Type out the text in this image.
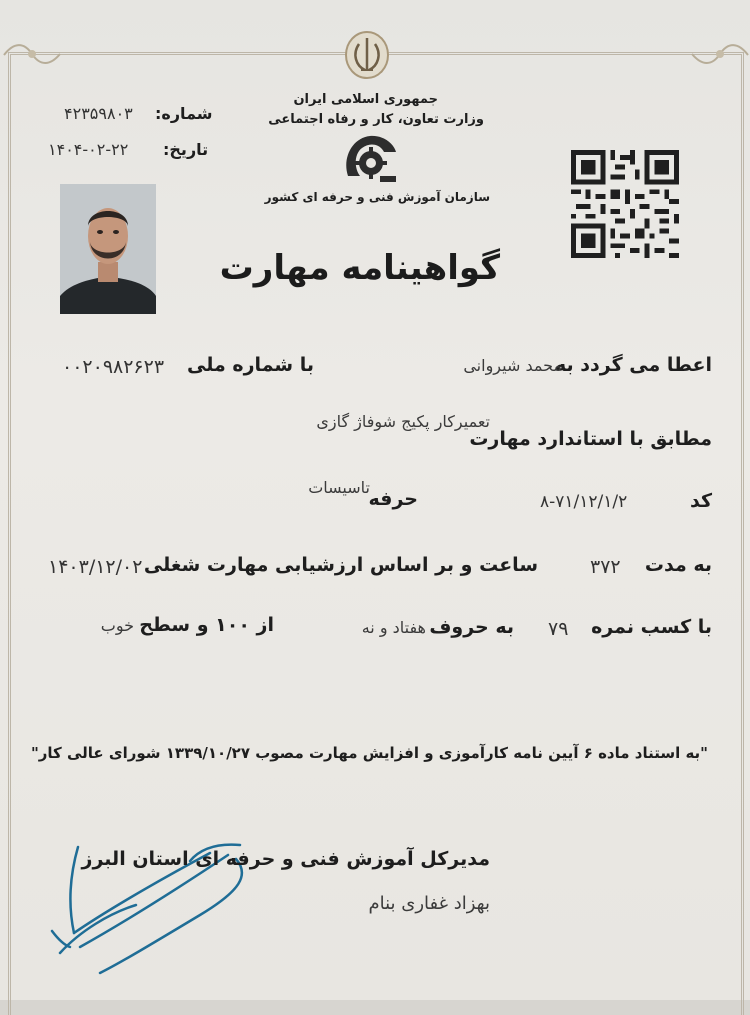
جمهوری اسلامی ایران
وزارت تعاون، کار و رفاه اجتماعی
سازمان آموزش فنی و حرفه ای کشور
شماره:
۴۲۳۵۹۸۰۳
تاریخ:
۱۴۰۴-۰۲-۲۲
گواهینامه مهارت
اعطا می گردد به
محمد شیروانی
با شماره ملی
۰۰۲۰۹۸۲۶۲۳
تعمیرکار پکیج شوفاژ گازی
مطابق با استاندارد مهارت
کد
۸-۷۱/۱۲/۱/۲
تاسیسات
حرفه
به مدت
۳۷۲
ساعت و بر اساس ارزشیابی مهارت شغلی
۱۴۰۳/۱۲/۰۲
با کسب نمره
۷۹
به حروف
هفتاد و نه
از ۱۰۰ و سطح
خوب
"به استناد ماده ۶ آیین نامه کارآموزی و افزایش مهارت مصوب ۱۳۳۹/۱۰/۲۷ شورای عالی کار"
مدیرکل آموزش فنی و حرفه ای استان البرز
بهزاد غفاری بنام
